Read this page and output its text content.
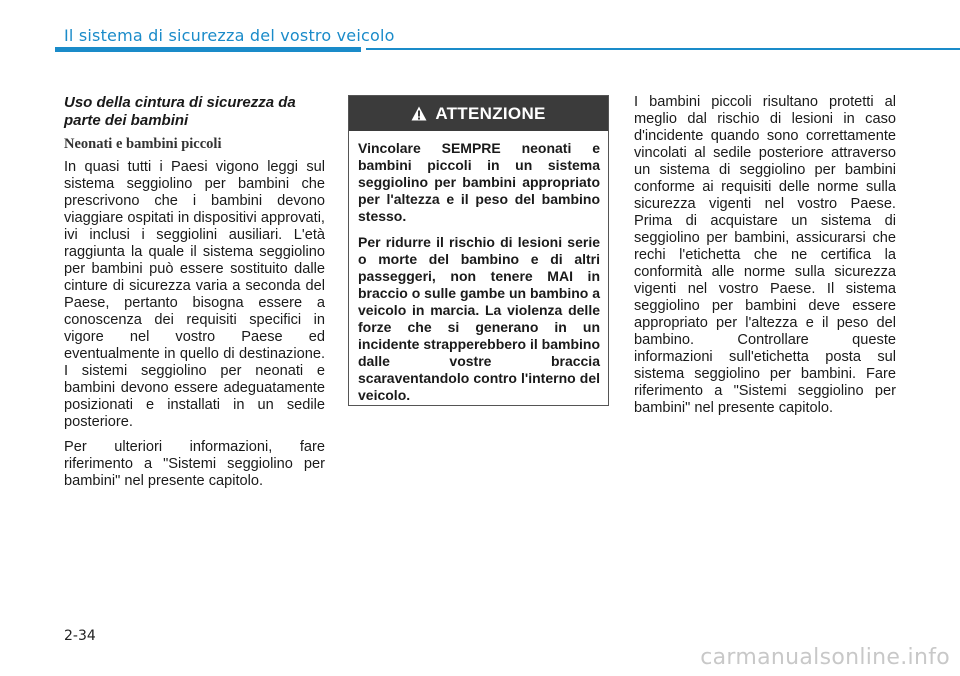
Il sistema di sicurezza del vostro veicolo
Uso della cintura di sicurezza da parte dei bambini
Neonati e bambini piccoli

In quasi tutti i Paesi vigono leggi sul sistema seggiolino per bambini che prescrivono che i bambini devono viaggiare ospitati in dispositivi approvati, ivi inclusi i seggiolini ausiliari. L'età raggiunta la quale il sistema seggiolino per bambini può essere sostituito dalle cinture di sicurezza varia a seconda del Paese, pertanto bisogna essere a conoscenza dei requisiti specifici in vigore nel vostro Paese ed eventualmente in quello di destinazione. I sistemi seggiolino per neonati e bambini devono essere adeguatamente posizionati e installati in un sedile posteriore.

Per ulteriori informazioni, fare riferimento a "Sistemi seggiolino per bambini" nel presente capitolo.

ATTENZIONE

Vincolare SEMPRE neonati e bambini piccoli in un sistema seggiolino per bambini appropriato per l'altezza e il peso del bambino stesso.

Per ridurre il rischio di lesioni serie o morte del bambino e di altri passeggeri, non tenere MAI in braccio o sulle gambe un bambino a veicolo in marcia. La violenza delle forze che si generano in un incidente strapperebbero il bambino dalle vostre braccia scaraventandolo contro l'interno del veicolo.

I bambini piccoli risultano protetti al meglio dal rischio di lesioni in caso d'incidente quando sono correttamente vincolati al sedile posteriore attraverso un sistema di seggiolino per bambini conforme ai requisiti delle norme sulla sicurezza vigenti nel vostro Paese. Prima di acquistare un sistema di seggiolino per bambini, assicurarsi che rechi l'etichetta che ne certifica la conformità alle norme sulla sicurezza vigenti nel vostro Paese. Il sistema seggiolino per bambini deve essere appropriato per l'altezza e il peso del bambino. Controllare queste informazioni sull'etichetta posta sul sistema seggiolino per bambini. Fare riferimento a "Sistemi seggiolino per bambini" nel presente capitolo.

2-34
carmanualsonline.info
